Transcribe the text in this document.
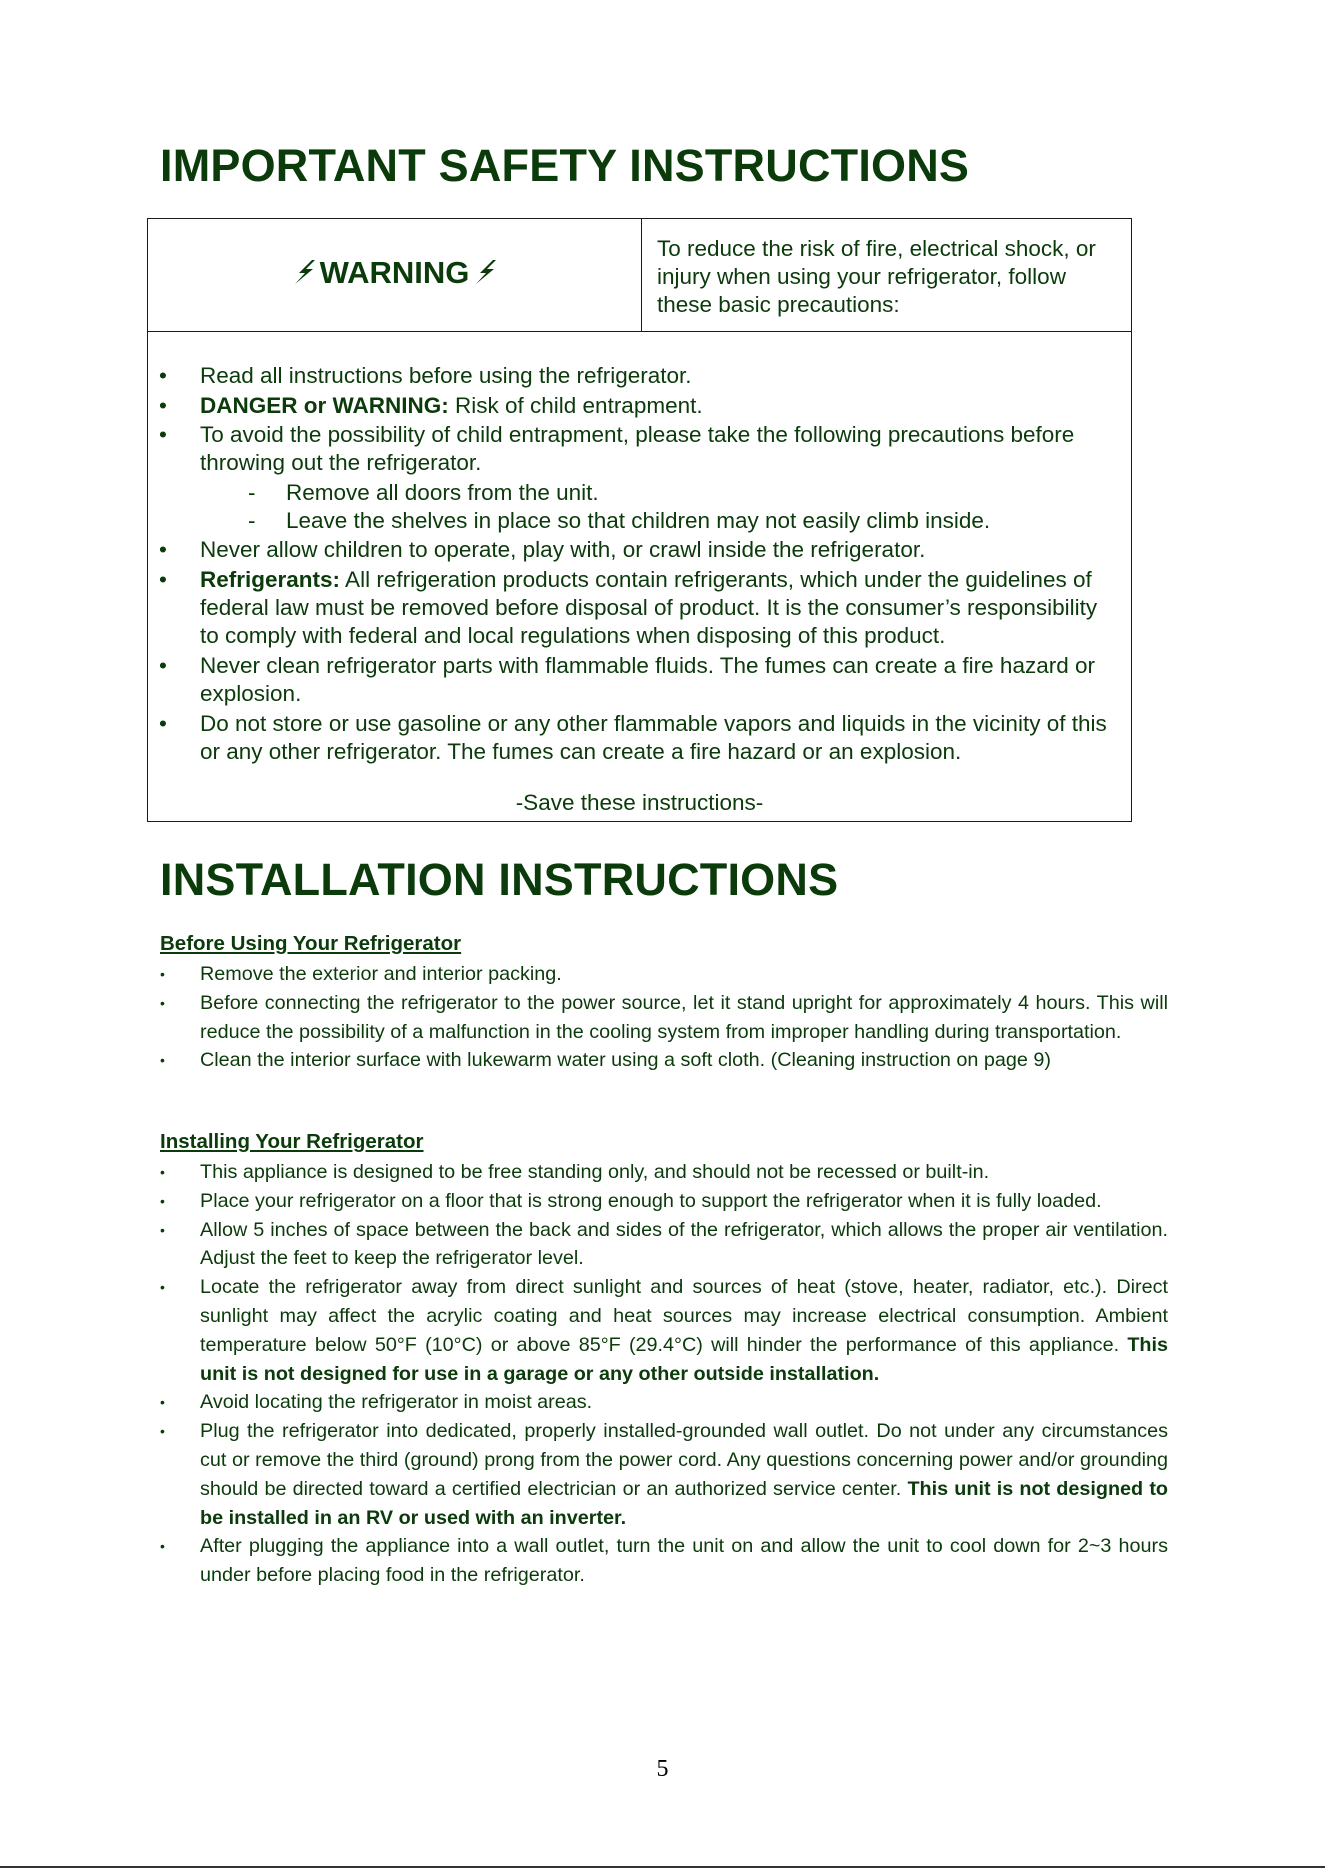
IMPORTANT SAFETY INSTRUCTIONS
WARNING
To reduce the risk of fire, electrical shock, or injury when using your refrigerator, follow these basic precautions:
• Read all instructions before using the refrigerator.
• DANGER or WARNING: Risk of child entrapment.
• To avoid the possibility of child entrapment, please take the following precautions before throwing out the refrigerator.
- Remove all doors from the unit.
- Leave the shelves in place so that children may not easily climb inside.
• Never allow children to operate, play with, or crawl inside the refrigerator.
• Refrigerants: All refrigeration products contain refrigerants, which under the guidelines of federal law must be removed before disposal of product. It is the consumer’s responsibility to comply with federal and local regulations when disposing of this product.
• Never clean refrigerator parts with flammable fluids. The fumes can create a fire hazard or explosion.
• Do not store or use gasoline or any other flammable vapors and liquids in the vicinity of this or any other refrigerator. The fumes can create a fire hazard or an explosion.
-Save these instructions-
INSTALLATION INSTRUCTIONS
Before Using Your Refrigerator
• Remove the exterior and interior packing.
• Before connecting the refrigerator to the power source, let it stand upright for approximately 4 hours. This will reduce the possibility of a malfunction in the cooling system from improper handling during transportation.
• Clean the interior surface with lukewarm water using a soft cloth. (Cleaning instruction on page 9)
Installing Your Refrigerator
• This appliance is designed to be free standing only, and should not be recessed or built-in.
• Place your refrigerator on a floor that is strong enough to support the refrigerator when it is fully loaded.
• Allow 5 inches of space between the back and sides of the refrigerator, which allows the proper air ventilation. Adjust the feet to keep the refrigerator level.
• Locate the refrigerator away from direct sunlight and sources of heat (stove, heater, radiator, etc.). Direct sunlight may affect the acrylic coating and heat sources may increase electrical consumption. Ambient temperature below 50°F (10°C) or above 85°F (29.4°C) will hinder the performance of this appliance. This unit is not designed for use in a garage or any other outside installation.
• Avoid locating the refrigerator in moist areas.
• Plug the refrigerator into dedicated, properly installed-grounded wall outlet. Do not under any circumstances cut or remove the third (ground) prong from the power cord. Any questions concerning power and/or grounding should be directed toward a certified electrician or an authorized service center. This unit is not designed to be installed in an RV or used with an inverter.
• After plugging the appliance into a wall outlet, turn the unit on and allow the unit to cool down for 2~3 hours under before placing food in the refrigerator.
5
